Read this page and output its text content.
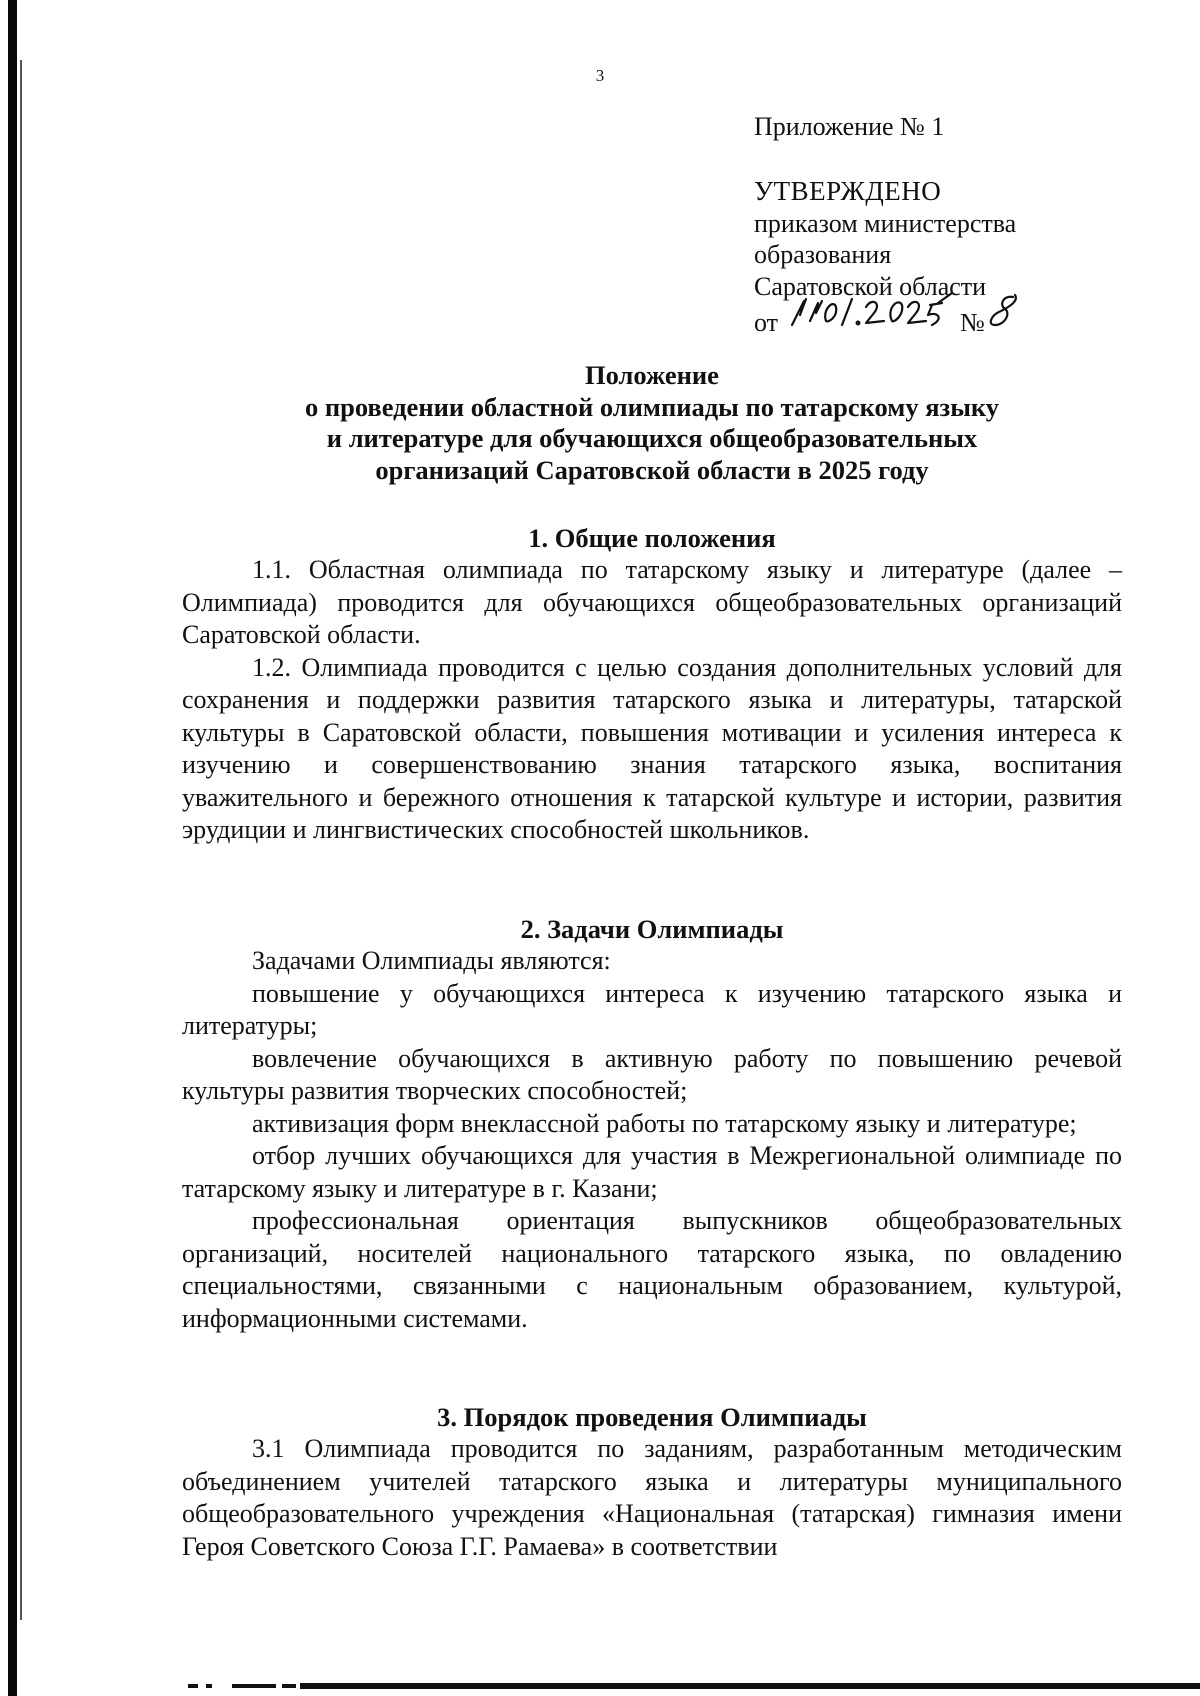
3
Приложение № 1
УТВЕРЖДЕНО
приказом министерства
образования
Саратовской области
от	№
Положение
о проведении областной олимпиады по татарскому языку
и литературе для обучающихся общеобразовательных
организаций Саратовской области в 2025 году
1. Общие положения

1.1. Областная олимпиада по татарскому языку и литературе (далее – Олимпиада) проводится для обучающихся общеобразовательных организаций Саратовской области.

1.2. Олимпиада проводится с целью создания дополнительных условий для сохранения и поддержки развития татарского языка и литературы, татарской культуры в Саратовской области, повышения мотивации и усиления интереса к изучению и совершенствованию знания татарского языка, воспитания уважительного и бережного отношения к татарской культуре и истории, развития эрудиции и лингвистических способностей школьников.

2. Задачи Олимпиады

Задачами Олимпиады являются:

повышение у обучающихся интереса к изучению татарского языка и литературы;

вовлечение обучающихся в активную работу по повышению речевой культуры развития творческих способностей;

активизация форм внеклассной работы по татарскому языку и литературе;

отбор лучших обучающихся для участия в Межрегиональной олимпиаде по татарскому языку и литературе в г. Казани;

профессиональная ориентация выпускников общеобразовательных организаций, носителей национального татарского языка, по овладению специальностями, связанными с национальным образованием, культурой, информационными системами.

3. Порядок проведения Олимпиады

3.1 Олимпиада проводится по заданиям, разработанным методическим объединением учителей татарского языка и литературы муниципального общеобразовательного учреждения «Национальная (татарская) гимназия имени Героя Советского Союза Г.Г. Рамаева» в соответствии
